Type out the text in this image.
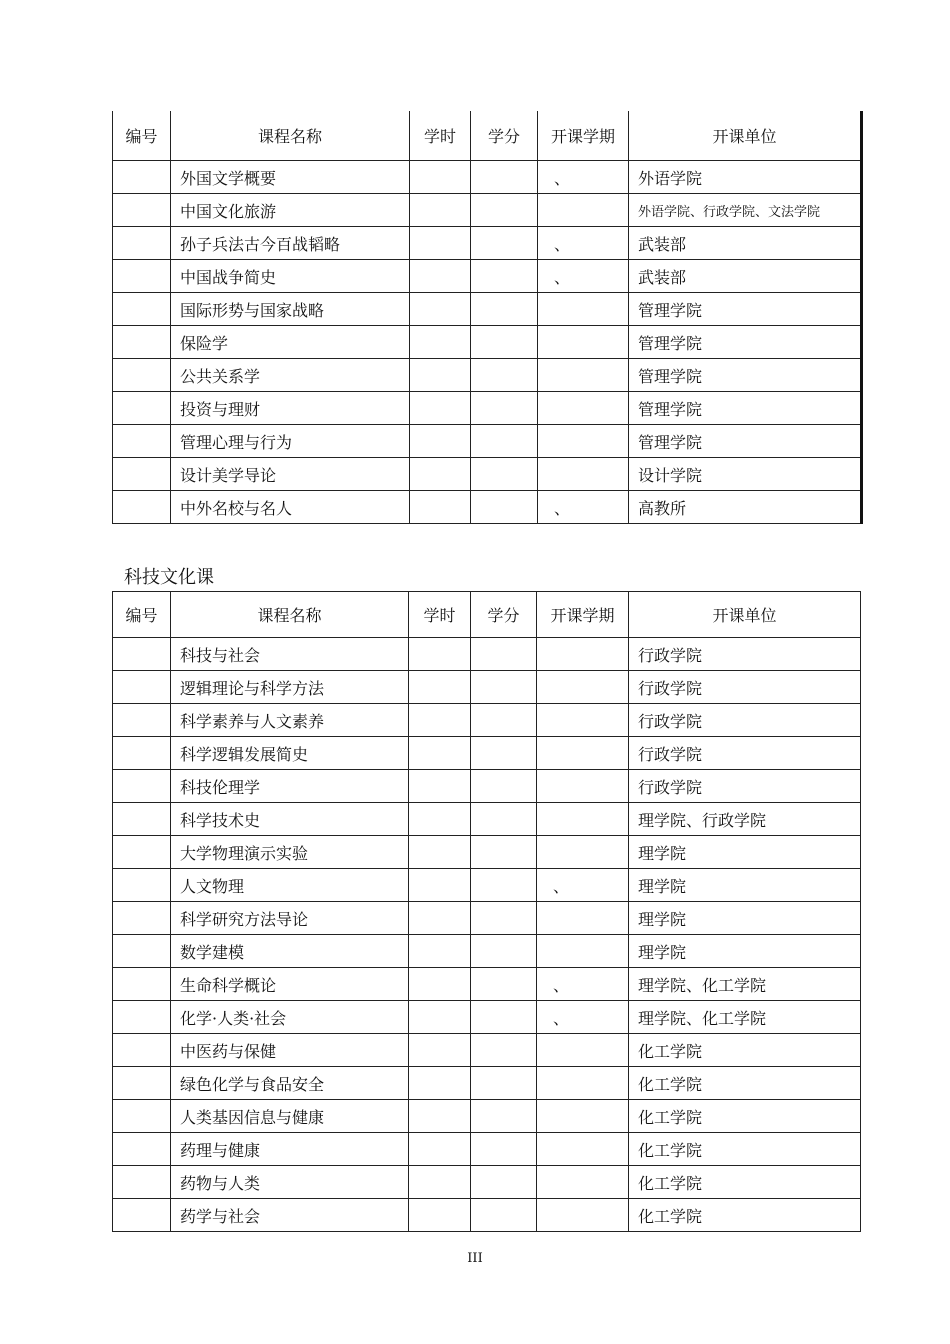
编号	课程名称	学时	学分	开课学期	开课单位
	外国文学概要			、	外语学院
	中国文化旅游				外语学院、行政学院、文法学院
	孙子兵法古今百战韬略			、	武装部
	中国战争简史			、	武装部
	国际形势与国家战略				管理学院
	保险学				管理学院
	公共关系学				管理学院
	投资与理财				管理学院
	管理心理与行为				管理学院
	设计美学导论				设计学院
	中外名校与名人			、	高教所
科技文化课
编号	课程名称	学时	学分	开课学期	开课单位
	科技与社会				行政学院
	逻辑理论与科学方法				行政学院
	科学素养与人文素养				行政学院
	科学逻辑发展简史				行政学院
	科技伦理学				行政学院
	科学技术史				理学院、行政学院
	大学物理演示实验				理学院
	人文物理			、	理学院
	科学研究方法导论				理学院
	数学建模				理学院
	生命科学概论			、	理学院、化工学院
	化学·人类·社会			、	理学院、化工学院
	中医药与保健				化工学院
	绿色化学与食品安全				化工学院
	人类基因信息与健康				化工学院
	药理与健康				化工学院
	药物与人类				化工学院
	药学与社会				化工学院
III
